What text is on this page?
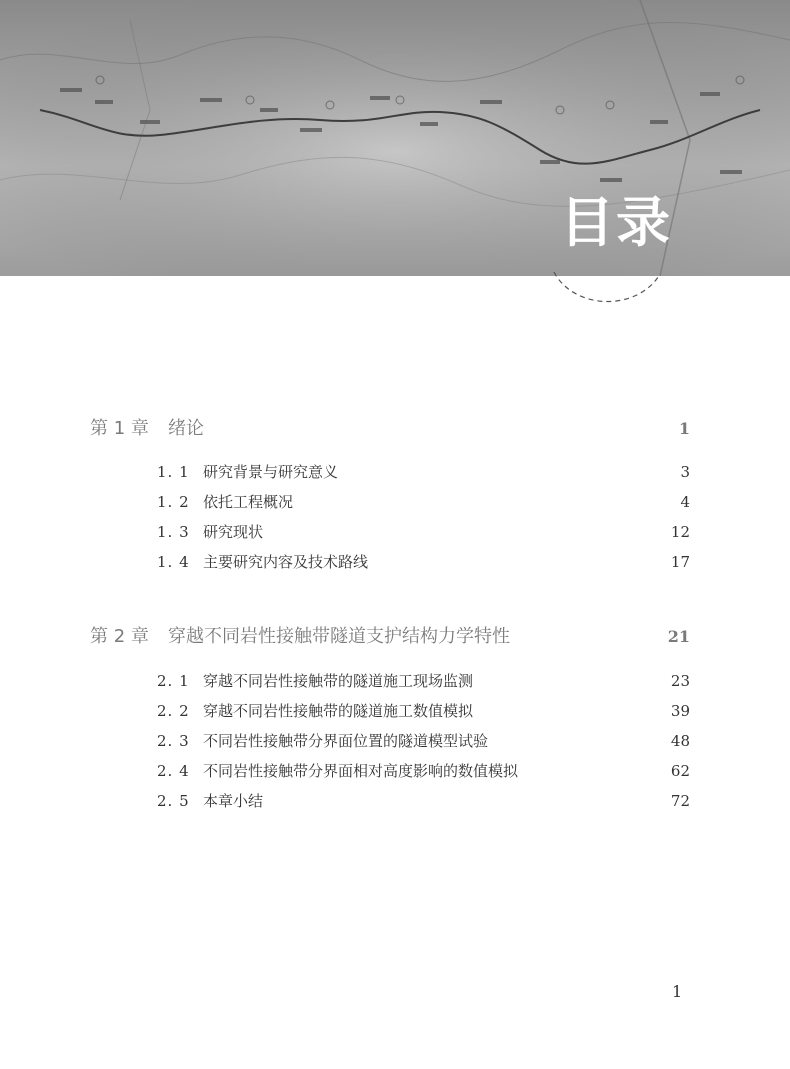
目录
第 1 章 绪论	1
1. 1 研究背景与研究意义	3
1. 2 依托工程概况	4
1. 3 研究现状	12
1. 4 主要研究内容及技术路线	17
第 2 章 穿越不同岩性接触带隧道支护结构力学特性	21
2. 1 穿越不同岩性接触带的隧道施工现场监测	23
2. 2 穿越不同岩性接触带的隧道施工数值模拟	39
2. 3 不同岩性接触带分界面位置的隧道模型试验	48
2. 4 不同岩性接触带分界面相对高度影响的数值模拟	62
2. 5 本章小结	72
1
